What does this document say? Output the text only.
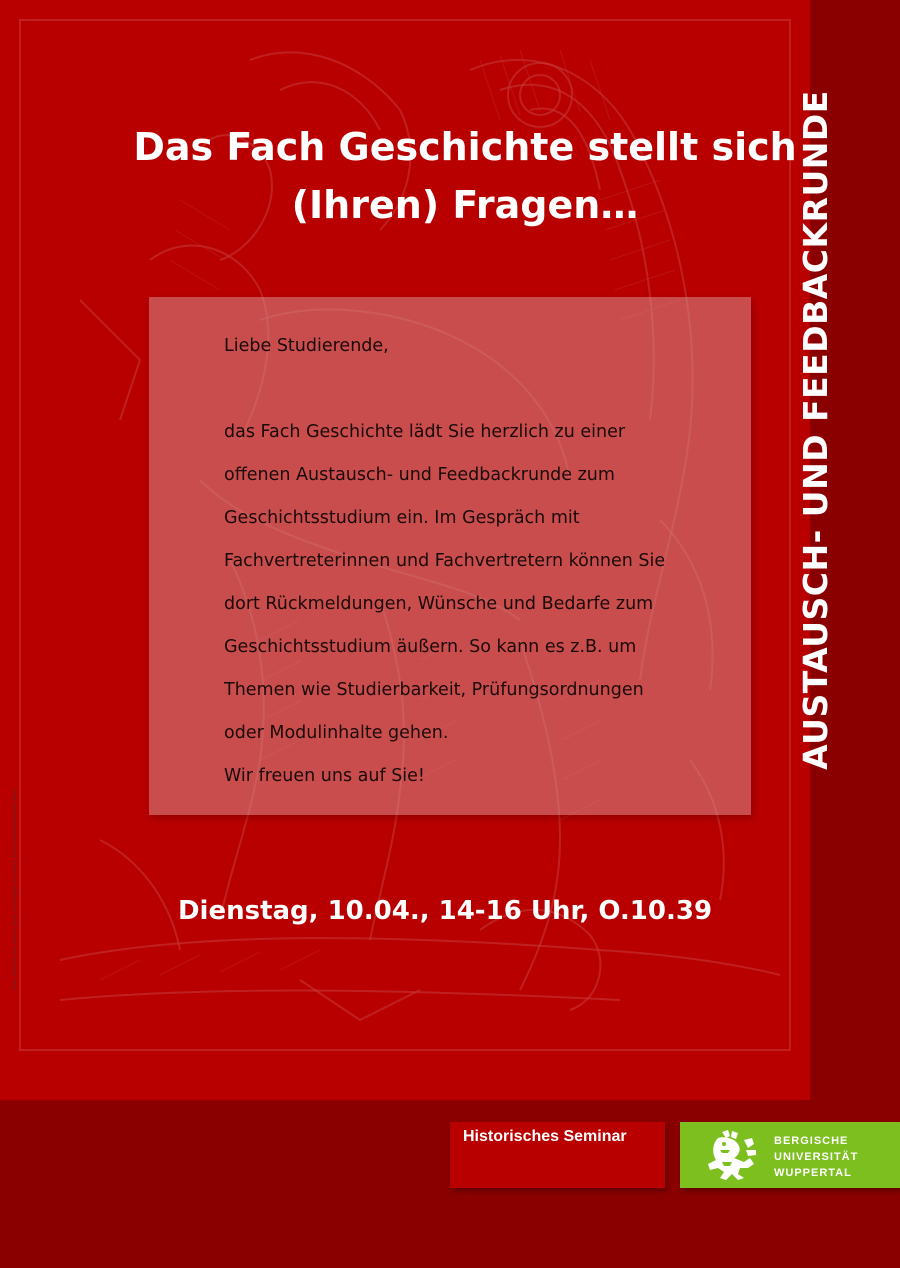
Das Fach Geschichte stellt sich
(Ihren) Fragen…
Liebe Studierende,
das Fach Geschichte lädt Sie herzlich zu einer
offenen Austausch- und Feedbackrunde zum
Geschichtsstudium ein. Im Gespräch mit
Fachvertreterinnen und Fachvertretern können Sie
dort Rückmeldungen, Wünsche und Bedarfe zum
Geschichtsstudium äußern. So kann es z.B. um
Themen wie Studierbarkeit, Prüfungsordnungen
oder Modulinhalte gehen.
Wir freuen uns auf Sie!
Dienstag, 10.04., 14-16 Uhr, O.10.39
Foto: Historia aus Cesare Ripa, Iconologia von 1603, Universitätsbibliothek Wien
AUSTAUSCH- UND FEEDBACKRUNDE
Historisches Seminar	BERGISCHE
UNIVERSITÄT
WUPPERTAL
